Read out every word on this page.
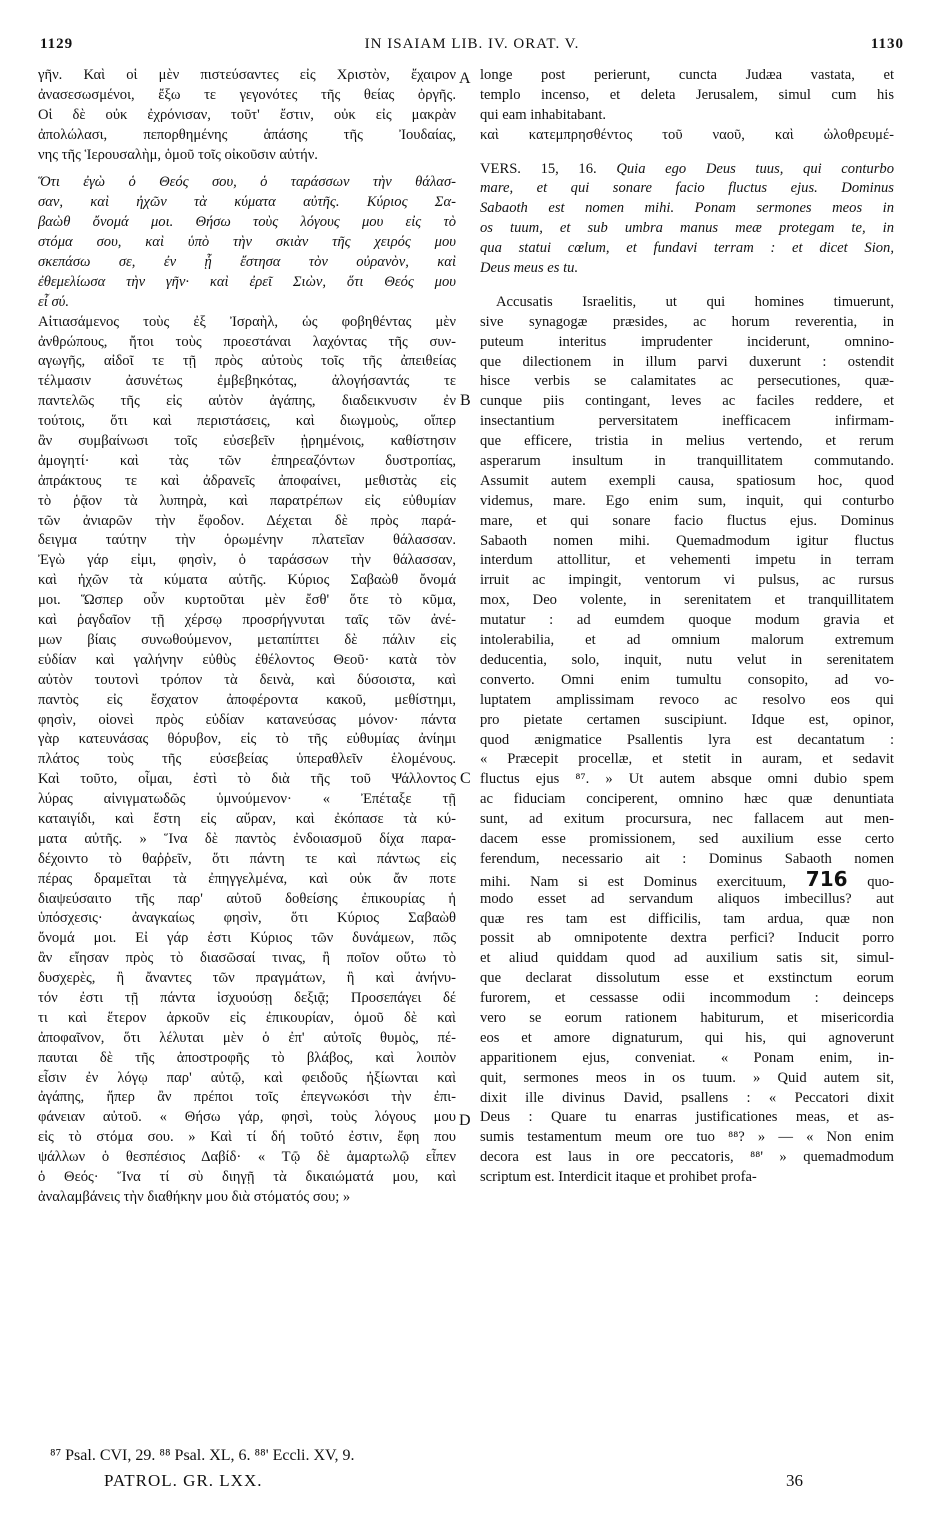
1129	IN ISAIAM LIB. IV. ORAT. V.	1130
γῆν. Καὶ οἱ μὲν πιστεύσαντες εἰς Χριστὸν, ἔχαιρον
ἀνασεσωσμένοι, ἔξω τε γεγονότες τῆς θείας ὀργῆς.
Οἱ δὲ οὐκ ἐχρόνισαν, τοῦτ' ἔστιν, οὐκ εἰς μακρὰν
ἀπολώλασι, πεπορθημένης ἁπάσης τῆς Ἰουδαίας,
νης τῆς Ἱερουσαλὴμ, ὁμοῦ τοῖς οἰκοῦσιν αὐτήν.
Ὅτι ἐγὼ ὁ Θεός σου, ὁ ταράσσων τὴν θάλασ-
σαν, καὶ ἠχῶν τὰ κύματα αὐτῆς. Κύριος Σα-
βαὼθ ὄνομά μοι. Θήσω τοὺς λόγους μου εἰς τὸ
στόμα σου, καὶ ὑπὸ τὴν σκιὰν τῆς χειρός μου
σκεπάσω σε, ἐν ᾗ ἔστησα τὸν οὐρανὸν, καὶ
ἐθεμελίωσα τὴν γῆν· καὶ ἐρεῖ Σιὼν, ὅτι Θεός μου
εἶ σύ.
Αἰτιασάμενος τοὺς ἐξ Ἰσραὴλ, ὡς φοβηθέντας μὲν
ἀνθρώπους, ἤτοι τοὺς προεστάναι λαχόντας τῆς συν-
αγωγῆς, αἰδοῖ τε τῇ πρὸς αὐτοὺς τοῖς τῆς ἀπειθείας
τέλμασιν ἀσυνέτως ἐμβεβηκότας, ἀλογήσαντάς τε
παντελῶς τῆς εἰς αὐτὸν ἀγάπης, διαδεικνυσιν ἐν
τούτοις, ὅτι καὶ περιστάσεις, καὶ διωγμοὺς, οἵπερ
ἂν συμβαίνωσι τοῖς εὐσεβεῖν ᾑρημένοις, καθίστησιν
ἀμογητί· καὶ τὰς τῶν ἐπηρεαζόντων δυστροπίας,
ἀπράκτους τε καὶ ἀδρανεῖς ἀποφαίνει, μεθιστὰς εἰς
τὸ ῥᾷον τὰ λυπηρὰ, καὶ παρατρέπων εἰς εὐθυμίαν
τῶν ἀνιαρῶν τὴν ἔφοδον. Δέχεται δὲ πρὸς παρά-
δειγμα ταύτην τὴν ὁρωμένην πλατεῖαν θάλασσαν.
Ἐγὼ γάρ εἰμι, φησὶν, ὁ ταράσσων τὴν θάλασσαν,
καὶ ἠχῶν τὰ κύματα αὐτῆς. Κύριος Σαβαὼθ ὄνομά
μοι. Ὥσπερ οὖν κυρτοῦται μὲν ἔσθ' ὅτε τὸ κῦμα,
καὶ ῥαγδαῖον τῇ χέρσῳ προσρήγνυται ταῖς τῶν ἀνέ-
μων βίαις συνωθούμενον, μεταπίπτει δὲ πάλιν εἰς
εὐδίαν καὶ γαλήνην εὐθὺς ἐθέλοντος Θεοῦ· κατὰ τὸν
αὐτὸν τουτονὶ τρόπον τὰ δεινὰ, καὶ δύσοιστα, καὶ
παντὸς εἰς ἔσχατον ἀποφέροντα κακοῦ, μεθίστημι,
φησὶν, οἱονεὶ πρὸς εὐδίαν κατανεύσας μόνον· πάντα
γὰρ κατευνάσας θόρυβον, εἰς τὸ τῆς εὐθυμίας ἀνίημι
πλάτος τοὺς τῆς εὐσεβείας ὑπεραθλεῖν ἑλομένους.
Καὶ τοῦτο, οἶμαι, ἐστὶ τὸ διὰ τῆς τοῦ Ψάλλοντος
λύρας αἰνιγματωδῶς ὑμνούμενον· « Ἐπέταξε τῇ
καταιγίδι, καὶ ἔστη εἰς αὔραν, καὶ ἐκόπασε τὰ κύ-
ματα αὐτῆς. » Ἵνα δὲ παντὸς ἐνδοιασμοῦ δίχα παρα-
δέχοιντο τὸ θαῤῥεῖν, ὅτι πάντη τε καὶ πάντως εἰς
πέρας δραμεῖται τὰ ἐπηγγελμένα, καὶ οὐκ ἄν ποτε
διαψεύσαιτο τῆς παρ' αὐτοῦ δοθείσης ἐπικουρίας ἡ
ὑπόσχεσις· ἀναγκαίως φησὶν, ὅτι Κύριος Σαβαὼθ
ὄνομά μοι. Εἰ γάρ ἐστι Κύριος τῶν δυνάμεων, πῶς
ἂν εἴησαν πρὸς τὸ διασῶσαί τινας, ἢ ποῖον οὕτω τὸ
δυσχερὲς, ἢ ἄναντες τῶν πραγμάτων, ἢ καὶ ἀνήνυ-
τόν ἐστι τῇ πάντα ἰσχυούσῃ δεξιᾷ; Προσεπάγει δέ
τι καὶ ἕτερον ἀρκοῦν εἰς ἐπικουρίαν, ὁμοῦ δὲ καὶ
ἀποφαῖνον, ὅτι λέλυται μὲν ὁ ἐπ' αὐτοῖς θυμὸς, πέ-
παυται δὲ τῆς ἀποστροφῆς τὸ βλάβος, καὶ λοιπὸν
εἶσιν ἐν λόγῳ παρ' αὐτῷ, καὶ φειδοῦς ἠξίωνται καὶ
ἀγάπης, ἥπερ ἂν πρέποι τοῖς ἐπεγνωκόσι τὴν ἐπι-
φάνειαν αὐτοῦ. « Θήσω γάρ, φησὶ, τοὺς λόγους μου
εἰς τὸ στόμα σου. » Καὶ τί δή τοῦτό ἐστιν, ἔφη που
ψάλλων ὁ θεσπέσιος Δαβίδ· « Τῷ δὲ ἁμαρτωλῷ εἶπεν
ὁ Θεός· Ἵνα τί σὺ διηγῇ τὰ δικαιώματά μου, καὶ
ἀναλαμβάνεις τὴν διαθήκην μου διὰ στόματός σου; »
longe post perierunt, cuncta Judæa vastata, et
templo incenso, et deleta Jerusalem, simul cum his
qui eam inhabitabant.
καὶ κατεμπρησθέντος τοῦ ναοῦ, καὶ ὠλοθρευμέ-
VERS. 15, 16. Quia ego Deus tuus, qui conturbo
mare, et qui sonare facio fluctus ejus. Dominus
Sabaoth est nomen mihi. Ponam sermones meos in
os tuum, et sub umbra manus meæ protegam te, in
qua statui cœlum, et fundavi terram : et dicet Sion,
Deus meus es tu.
Accusatis Israelitis, ut qui homines timuerunt,
sive synagogæ præsides, ac horum reverentia, in
puteum interitus imprudenter inciderunt, omnino-
que dilectionem in illum parvi duxerunt : ostendit
hisce verbis se calamitates ac persecutiones, quæ-
cunque piis contingant, leves ac faciles reddere, et
insectantium perversitatem inefficacem infirmam-
que efficere, tristia in melius vertendo, et rerum
asperarum insultum in tranquillitatem commutando.
Assumit autem exempli causa, spatiosum hoc, quod
videmus, mare. Ego enim sum, inquit, qui conturbo
mare, et qui sonare facio fluctus ejus. Dominus
Sabaoth nomen mihi. Quemadmodum igitur fluctus
interdum attollitur, et vehementi impetu in terram
irruit ac impingit, ventorum vi pulsus, ac rursus
mox, Deo volente, in serenitatem et tranquillitatem
mutatur : ad eumdem quoque modum gravia et
intolerabilia, et ad omnium malorum extremum
deducentia, solo, inquit, nutu velut in serenitatem
converto. Omni enim tumultu consopito, ad vo-
luptatem amplissimam revoco ac resolvo eos qui
pro pietate certamen suscipiunt. Idque est, opinor,
quod ænigmatice Psallentis lyra est decantatum :
« Præcepit procellæ, et stetit in auram, et sedavit
fluctus ejus ⁸⁷. » Ut autem absque omni dubio spem
ac fiduciam conciperent, omnino hæc quæ denuntiata
sunt, ad exitum procursura, nec fallacem aut men-
dacem esse promissionem, sed auxilium esse certo
ferendum, necessario ait : Dominus Sabaoth nomen
mihi. Nam si est Dominus exercituum, 716 quo-
modo esset ad servandum aliquos imbecillus? aut
quæ res tam est difficilis, tam ardua, quæ non
possit ab omnipotente dextra perfici? Inducit porro
et aliud quiddam quod ad auxilium satis sit, simul-
que declarat dissolutum esse et exstinctum eorum
furorem, et cessasse odii incommodum : deinceps
vero se eorum rationem habiturum, et misericordia
eos et amore dignaturum, qui his, qui agnoverunt
apparitionem ejus, conveniat. « Ponam enim, in-
quit, sermones meos in os tuum. » Quid autem sit,
dixit ille divinus David, psallens : « Peccatori dixit
Deus : Quare tu enarras justificationes meas, et as-
sumis testamentum meum ore tuo ⁸⁸? » — « Non enim
decora est laus in ore peccatoris, ⁸⁸' » quemadmodum
scriptum est. Interdicit itaque et prohibet profa-
A
B
C
D
⁸⁷ Psal. CVI, 29. ⁸⁸ Psal. XL, 6. ⁸⁸' Eccli. XV, 9.
PATROL. GR. LXX.	36
